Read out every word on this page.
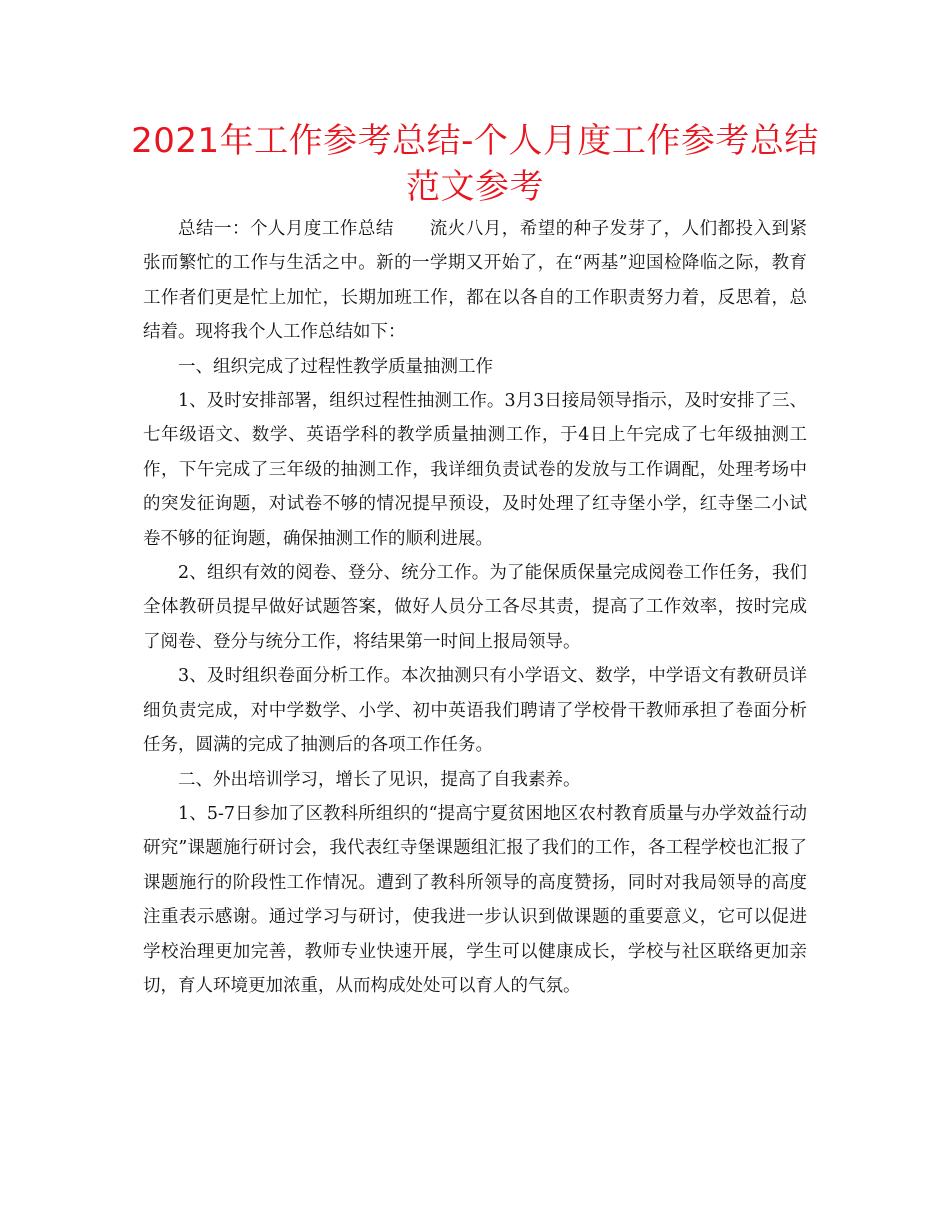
2021年工作参考总结-个人月度工作参考总结范文参考

总结一：个人月度工作总结　　流火八月，希望的种子发芽了，人们都投入到紧张而繁忙的工作与生活之中。新的一学期又开始了，在“两基”迎国检降临之际，教育工作者们更是忙上加忙，长期加班工作，都在以各自的工作职责努力着，反思着，总结着。现将我个人工作总结如下：

一、组织完成了过程性教学质量抽测工作

1、及时安排部署，组织过程性抽测工作。3月3日接局领导指示，及时安排了三、七年级语文、数学、英语学科的教学质量抽测工作，于4日上午完成了七年级抽测工作，下午完成了三年级的抽测工作，我详细负责试卷的发放与工作调配，处理考场中的突发征询题，对试卷不够的情况提早预设，及时处理了红寺堡小学，红寺堡二小试卷不够的征询题，确保抽测工作的顺利进展。

2、组织有效的阅卷、登分、统分工作。为了能保质保量完成阅卷工作任务，我们全体教研员提早做好试题答案，做好人员分工各尽其责，提高了工作效率，按时完成了阅卷、登分与统分工作，将结果第一时间上报局领导。

3、及时组织卷面分析工作。本次抽测只有小学语文、数学，中学语文有教研员详细负责完成，对中学数学、小学、初中英语我们聘请了学校骨干教师承担了卷面分析任务，圆满的完成了抽测后的各项工作任务。

二、外出培训学习，增长了见识，提高了自我素养。

1、5-7日参加了区教科所组织的“提高宁夏贫困地区农村教育质量与办学效益行动研究”课题施行研讨会，我代表红寺堡课题组汇报了我们的工作，各工程学校也汇报了课题施行的阶段性工作情况。遭到了教科所领导的高度赞扬，同时对我局领导的高度注重表示感谢。通过学习与研讨，使我进一步认识到做课题的重要意义，它可以促进学校治理更加完善，教师专业快速开展，学生可以健康成长，学校与社区联络更加亲切，育人环境更加浓重，从而构成处处可以育人的气氛。
